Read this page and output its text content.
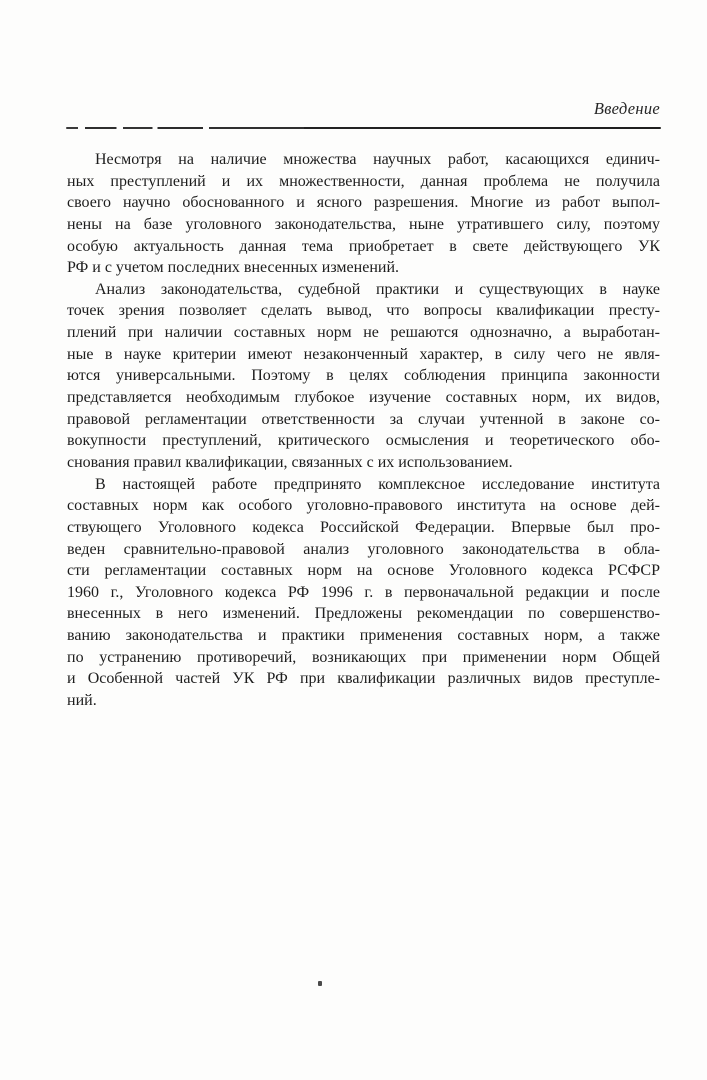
Введение
Несмотря на наличие множества научных работ, касающихся единич-
ных преступлений и их множественности, данная проблема не получила
своего научно обоснованного и ясного разрешения. Многие из работ выпол-
нены на базе уголовного законодательства, ныне утратившего силу, поэтому
особую актуальность данная тема приобретает в свете действующего УК
РФ и с учетом последних внесенных изменений.
Анализ законодательства, судебной практики и существующих в науке
точек зрения позволяет сделать вывод, что вопросы квалификации престу-
плений при наличии составных норм не решаются однозначно, а выработан-
ные в науке критерии имеют незаконченный характер, в силу чего не явля-
ются универсальными. Поэтому в целях соблюдения принципа законности
представляется необходимым глубокое изучение составных норм, их видов,
правовой регламентации ответственности за случаи учтенной в законе со-
вокупности преступлений, критического осмысления и теоретического обо-
снования правил квалификации, связанных с их использованием.
В настоящей работе предпринято комплексное исследование института
составных норм как особого уголовно-правового института на основе дей-
ствующего Уголовного кодекса Российской Федерации. Впервые был про-
веден сравнительно-правовой анализ уголовного законодательства в обла-
сти регламентации составных норм на основе Уголовного кодекса РСФСР
1960 г., Уголовного кодекса РФ 1996 г. в первоначальной редакции и после
внесенных в него изменений. Предложены рекомендации по совершенство-
ванию законодательства и практики применения составных норм, а также
по устранению противоречий, возникающих при применении норм Общей
и Особенной частей УК РФ при квалификации различных видов преступле-
ний.
